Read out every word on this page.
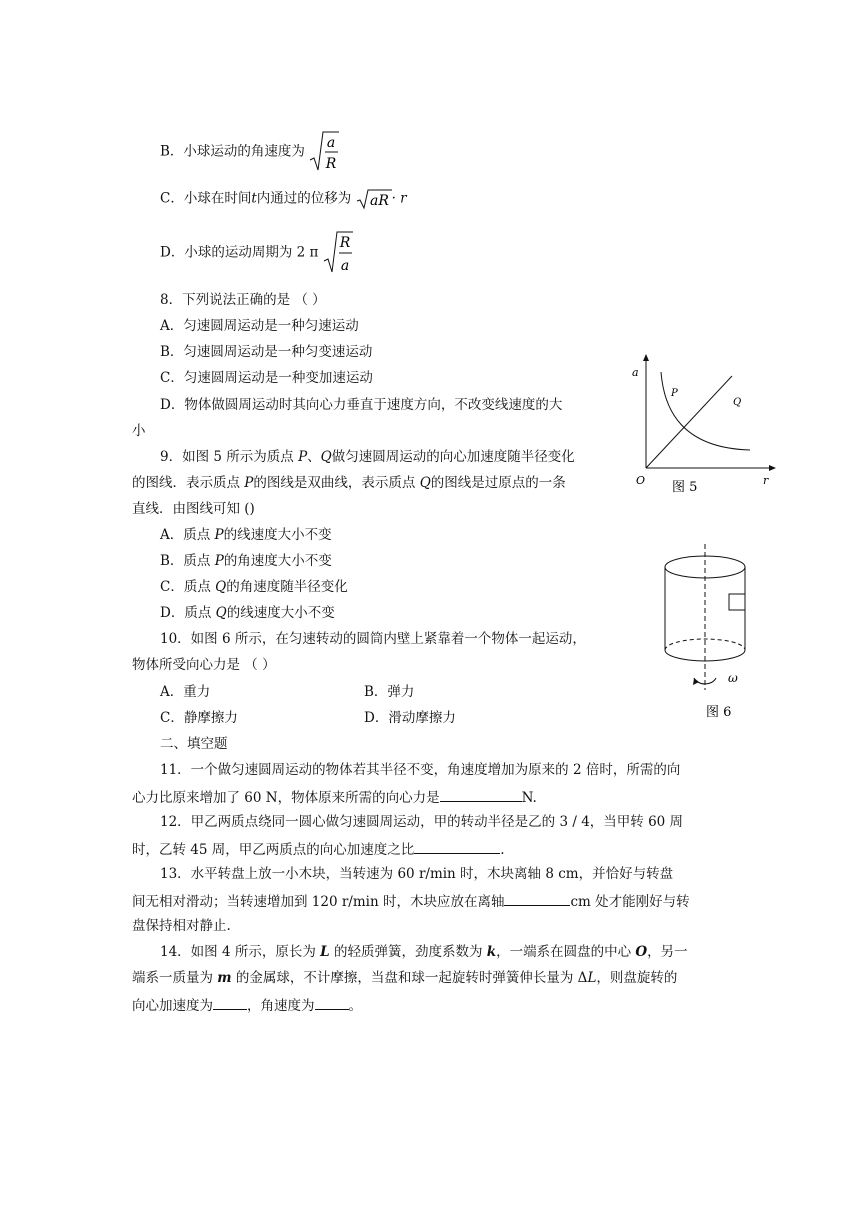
B．小球运动的角速度为
a
R
C．小球在时间t内通过的位移为 aR · r
D．小球的运动周期为 2 π
R
a
8．下列说法正确的是 （ ）
A．匀速圆周运动是一种匀速运动
B．匀速圆周运动是一种匀变速运动
C．匀速圆周运动是一种变加速运动
D．物体做圆周运动时其向心力垂直于速度方向，不改变线速度的大
小
9．如图 5 所示为质点 P、Q做匀速圆周运动的向心加速度随半径变化
的图线．表示质点 P的图线是双曲线，表示质点 Q的图线是过原点的一条
直线．由图线可知 ()
A．质点 P的线速度大小不变
B．质点 P的角速度大小不变
C．质点 Q的角速度随半径变化
D．质点 Q的线速度大小不变
10．如图 6 所示，在匀速转动的圆筒内壁上紧靠着一个物体一起运动，
物体所受向心力是 （ ）
A．重力	B．弹力
C．静摩擦力	D．滑动摩擦力
二、填空题
11．一个做匀速圆周运动的物体若其半径不变，角速度增加为原来的 2 倍时，所需的向
心力比原来增加了 60 N，物体原来所需的向心力是	N.
12．甲乙两质点绕同一圆心做匀速圆周运动，甲的转动半径是乙的 3 / 4，当甲转 60 周
时，乙转 45 周，甲乙两质点的向心加速度之比	.
13．水平转盘上放一小木块，当转速为 60 r/min 时，木块离轴 8 cm，并恰好与转盘
间无相对滑动；当转速增加到 120 r/min 时，木块应放在离轴	cm 处才能刚好与转
盘保持相对静止.
14．如图 4 所示，原长为 L 的轻质弹簧，劲度系数为 k，一端系在圆盘的中心 O，另一
端系一质量为 m 的金属球，不计摩擦，当盘和球一起旋转时弹簧伸长量为 ΔL，则盘旋转的
向心加速度为	，角速度为	。
a
r
O
P
Q
图 5
ω
图 6
